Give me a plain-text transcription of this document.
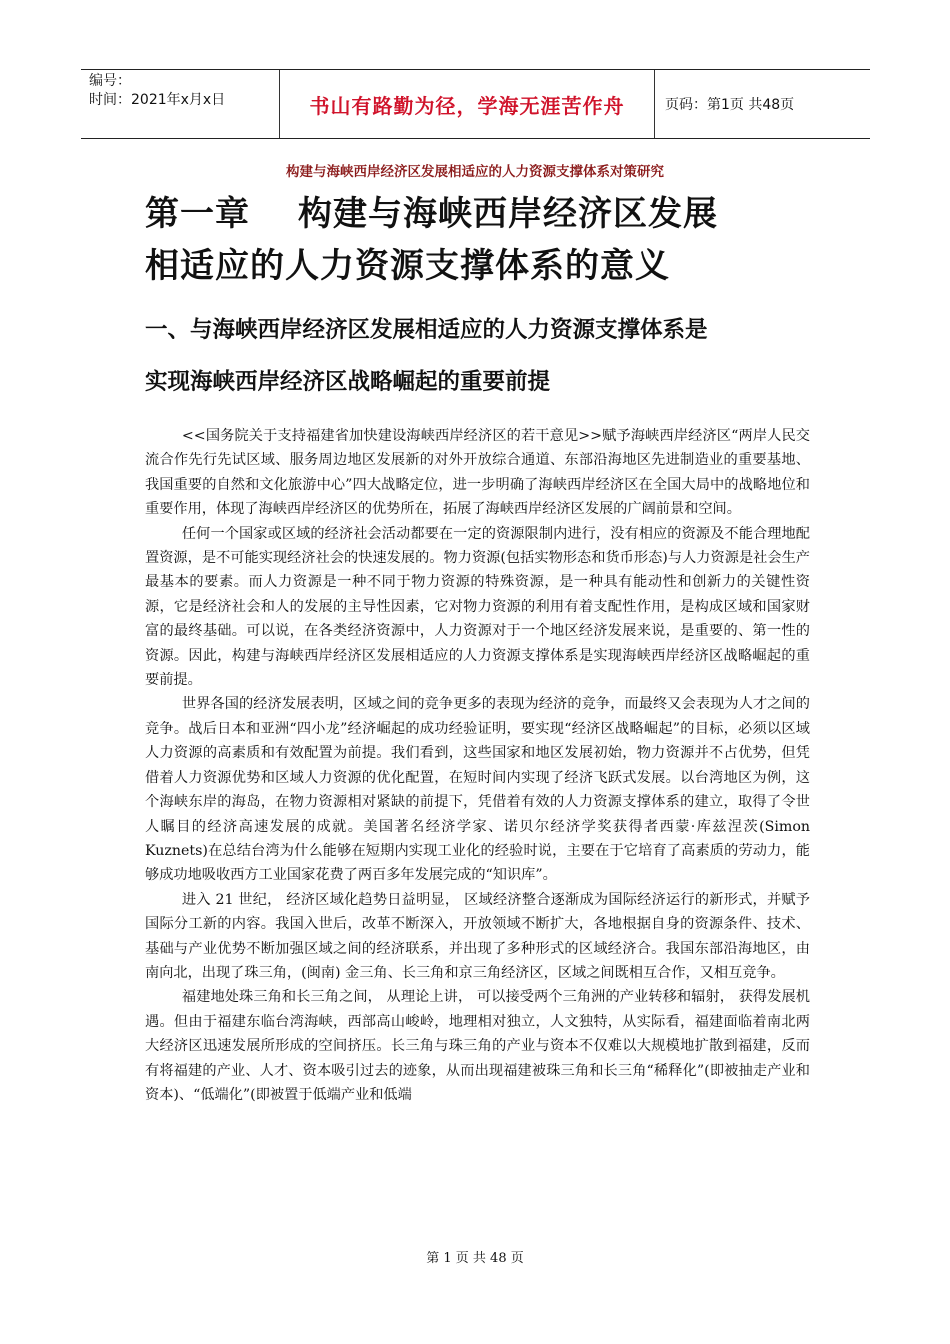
编号：
时间：2021年x月x日	书山有路勤为径，学海无涯苦作舟	页码：第1页 共48页
构建与海峡西岸经济区发展相适应的人力资源支撑体系对策研究
第一章 构建与海峡西岸经济区发展
相适应的人力资源支撑体系的意义
一、与海峡西岸经济区发展相适应的人力资源支撑体系是
实现海峡西岸经济区战略崛起的重要前提

<<国务院关于支持福建省加快建设海峡西岸经济区的若干意见>>赋予海峡西岸经济区“两岸人民交流合作先行先试区域、服务周边地区发展新的对外开放综合通道、东部沿海地区先进制造业的重要基地、我国重要的自然和文化旅游中心”四大战略定位，进一步明确了海峡西岸经济区在全国大局中的战略地位和重要作用，体现了海峡西岸经济区的优势所在，拓展了海峡西岸经济区发展的广阔前景和空间。

任何一个国家或区域的经济社会活动都要在一定的资源限制内进行，没有相应的资源及不能合理地配置资源，是不可能实现经济社会的快速发展的。物力资源(包括实物形态和货币形态)与人力资源是社会生产最基本的要素。而人力资源是一种不同于物力资源的特殊资源，是一种具有能动性和创新力的关键性资源，它是经济社会和人的发展的主导性因素，它对物力资源的利用有着支配性作用，是构成区域和国家财富的最终基础。可以说，在各类经济资源中，人力资源对于一个地区经济发展来说，是重要的、第一性的资源。因此，构建与海峡西岸经济区发展相适应的人力资源支撑体系是实现海峡西岸经济区战略崛起的重要前提。

世界各国的经济发展表明，区域之间的竞争更多的表现为经济的竞争，而最终又会表现为人才之间的竞争。战后日本和亚洲“四小龙”经济崛起的成功经验证明，要实现“经济区战略崛起”的目标，必须以区域人力资源的高素质和有效配置为前提。我们看到，这些国家和地区发展初始，物力资源并不占优势，但凭借着人力资源优势和区域人力资源的优化配置，在短时间内实现了经济飞跃式发展。以台湾地区为例，这个海峡东岸的海岛，在物力资源相对紧缺的前提下，凭借着有效的人力资源支撑体系的建立，取得了令世人瞩目的经济高速发展的成就。美国著名经济学家、诺贝尔经济学奖获得者西蒙·库兹涅茨(Simon Kuznets)在总结台湾为什么能够在短期内实现工业化的经验时说，主要在于它培育了高素质的劳动力，能够成功地吸收西方工业国家花费了两百多年发展完成的“知识库”。

进入 21 世纪， 经济区域化趋势日益明显， 区域经济整合逐渐成为国际经济运行的新形式，并赋予国际分工新的内容。我国入世后，改革不断深入，开放领域不断扩大，各地根据自身的资源条件、技术、基础与产业优势不断加强区域之间的经济联系，并出现了多种形式的区域经济合。我国东部沿海地区，由南向北，出现了珠三角，(闽南) 金三角、长三角和京三角经济区，区域之间既相互合作，又相互竞争。

福建地处珠三角和长三角之间， 从理论上讲， 可以接受两个三角洲的产业转移和辐射， 获得发展机遇。但由于福建东临台湾海峡，西部高山峻岭，地理相对独立，人文独特，从实际看，福建面临着南北两大经济区迅速发展所形成的空间挤压。长三角与珠三角的产业与资本不仅难以大规模地扩散到福建，反而有将福建的产业、人才、资本吸引过去的迹象，从而出现福建被珠三角和长三角“稀释化”(即被抽走产业和资本)、“低端化”(即被置于低端产业和低端

第 1 页 共 48 页
